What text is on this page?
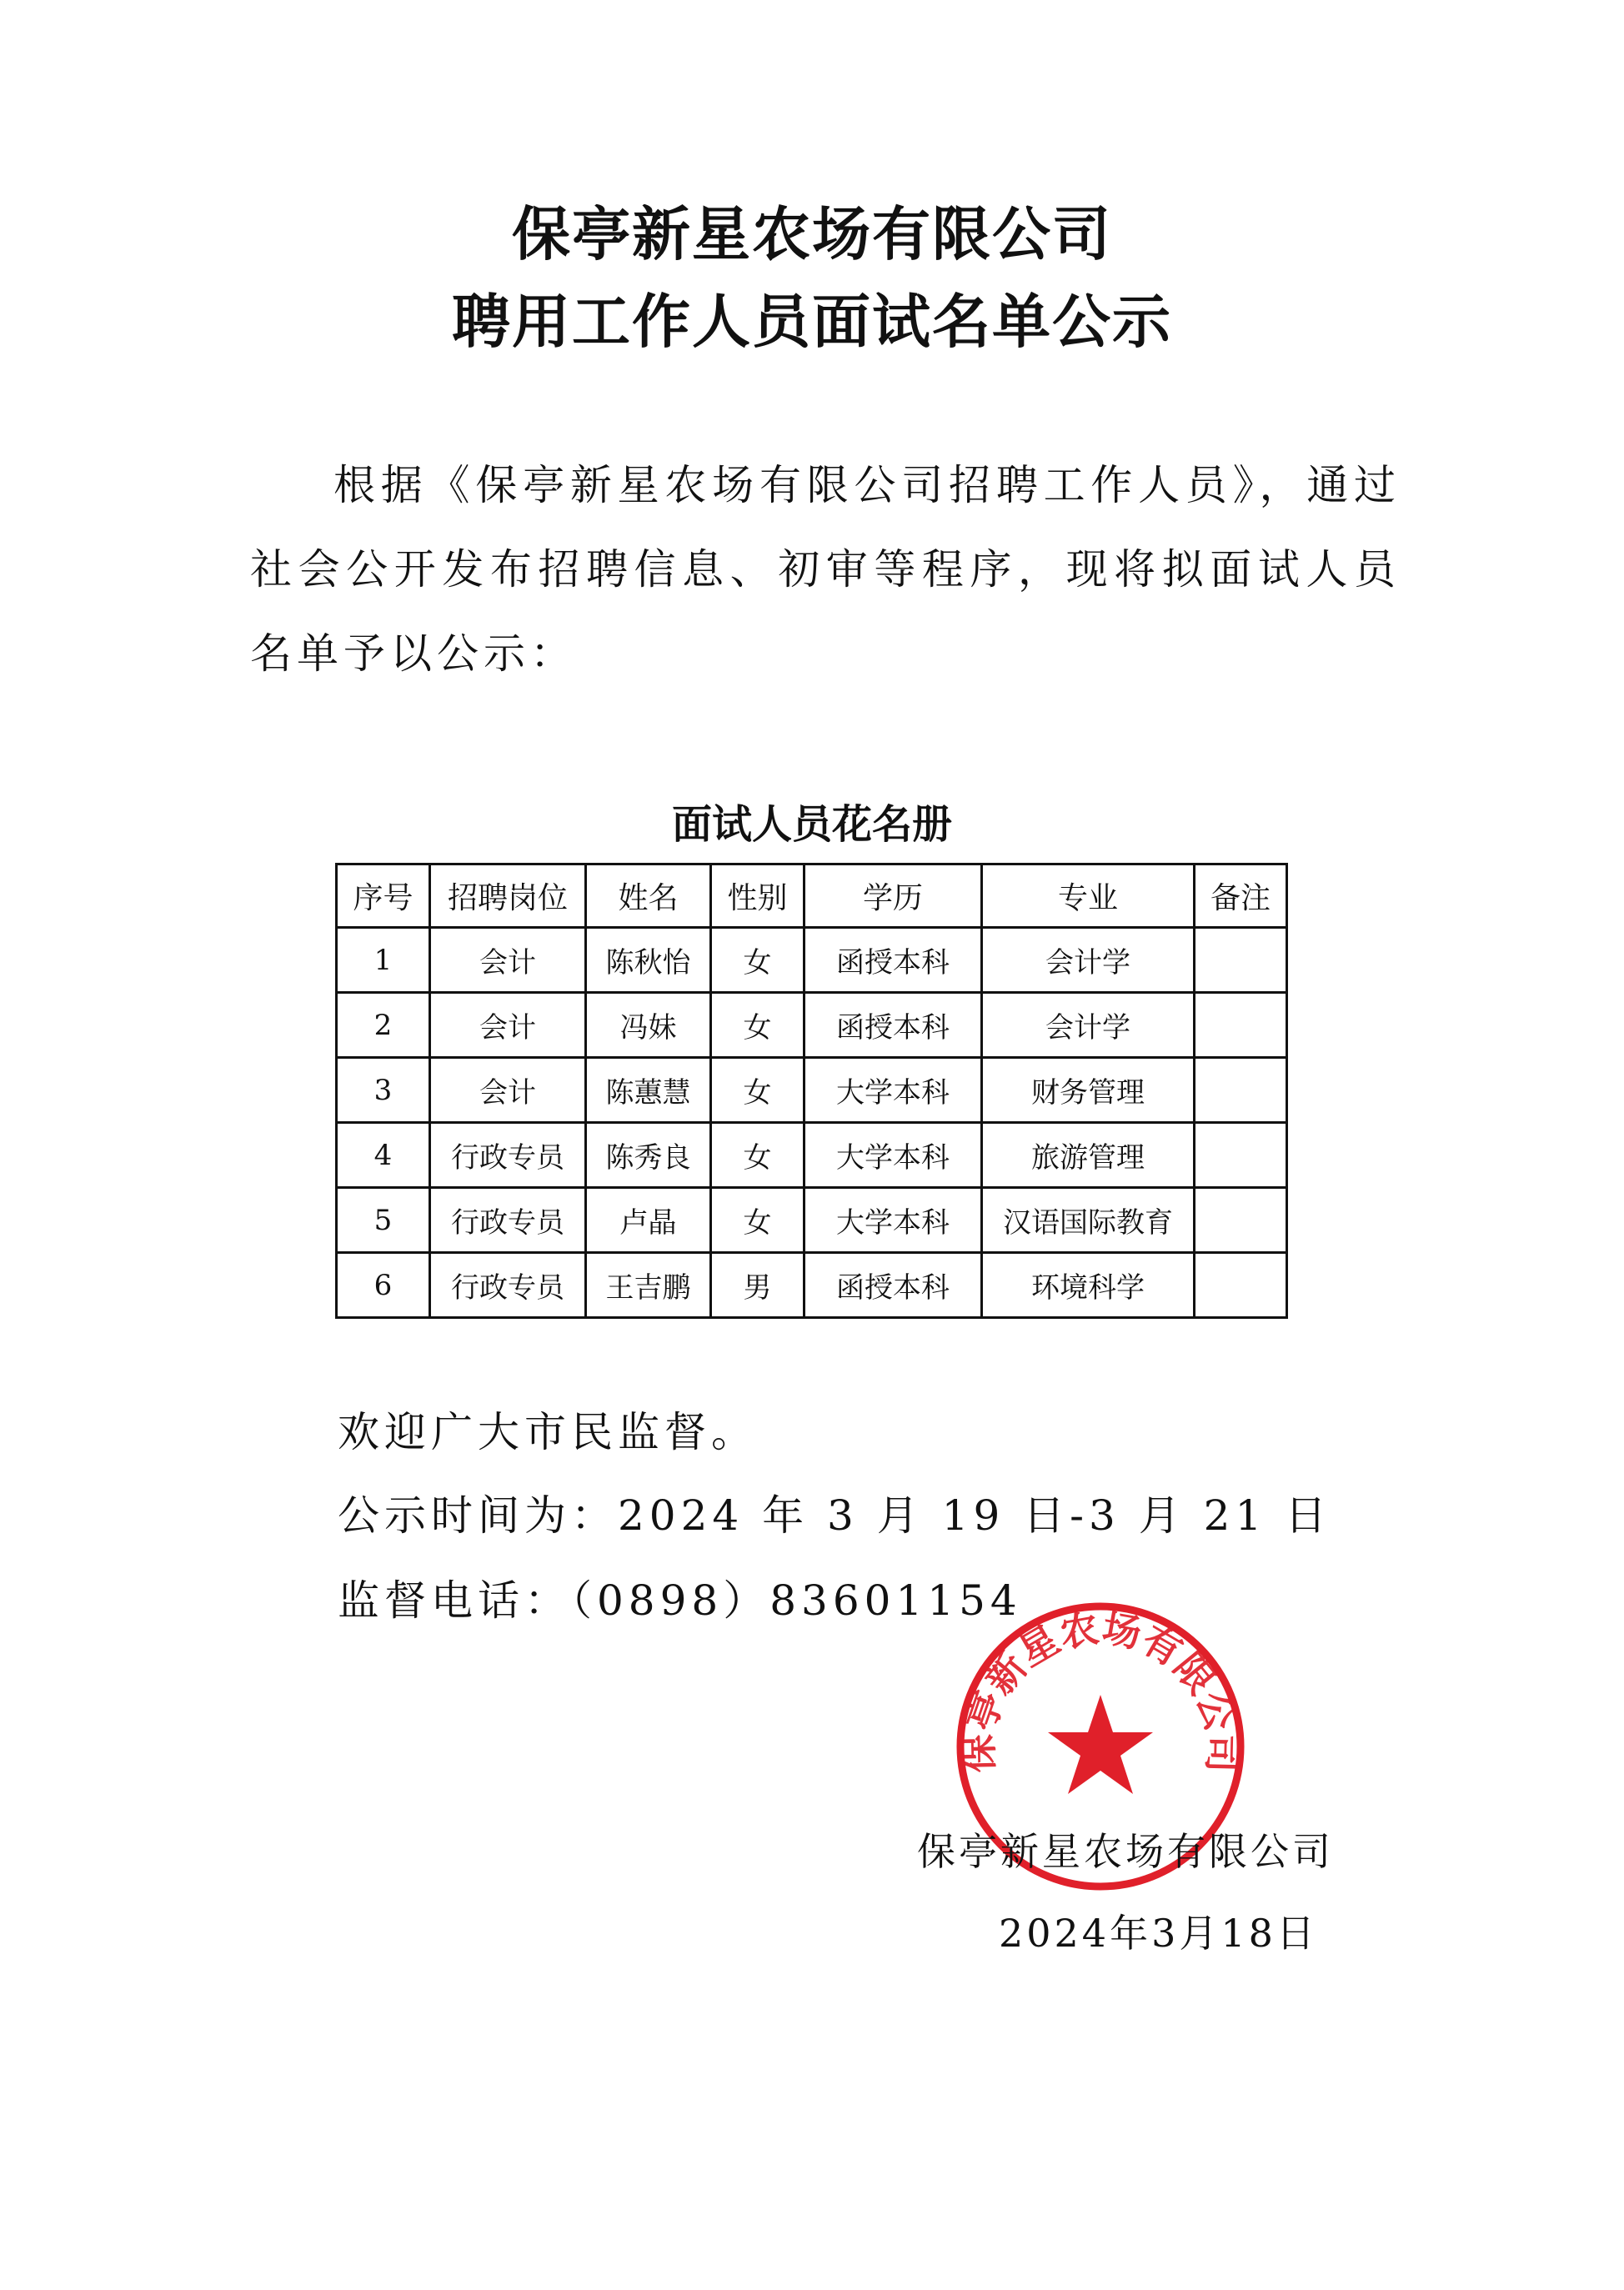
保亭新星农场有限公司
聘用工作人员面试名单公示

根据《保亭新星农场有限公司招聘工作人员》，通过社会公开发布招聘信息、初审等程序，现将拟面试人员名单予以公示：

面试人员花名册
序号	招聘岗位	姓名	性别	学历	专业	备注
1	会计	陈秋怡	女	函授本科	会计学	
2	会计	冯妹	女	函授本科	会计学	
3	会计	陈蕙慧	女	大学本科	财务管理	
4	行政专员	陈秀良	女	大学本科	旅游管理	
5	行政专员	卢晶	女	大学本科	汉语国际教育	
6	行政专员	王吉鹏	男	函授本科	环境科学	

欢迎广大市民监督。

公示时间为：2024 年 3 月 19 日-3 月 21 日

监督电话：（0898）83601154

保亭新星农场有限公司

保亭新星农场有限公司

2024年3月18日
